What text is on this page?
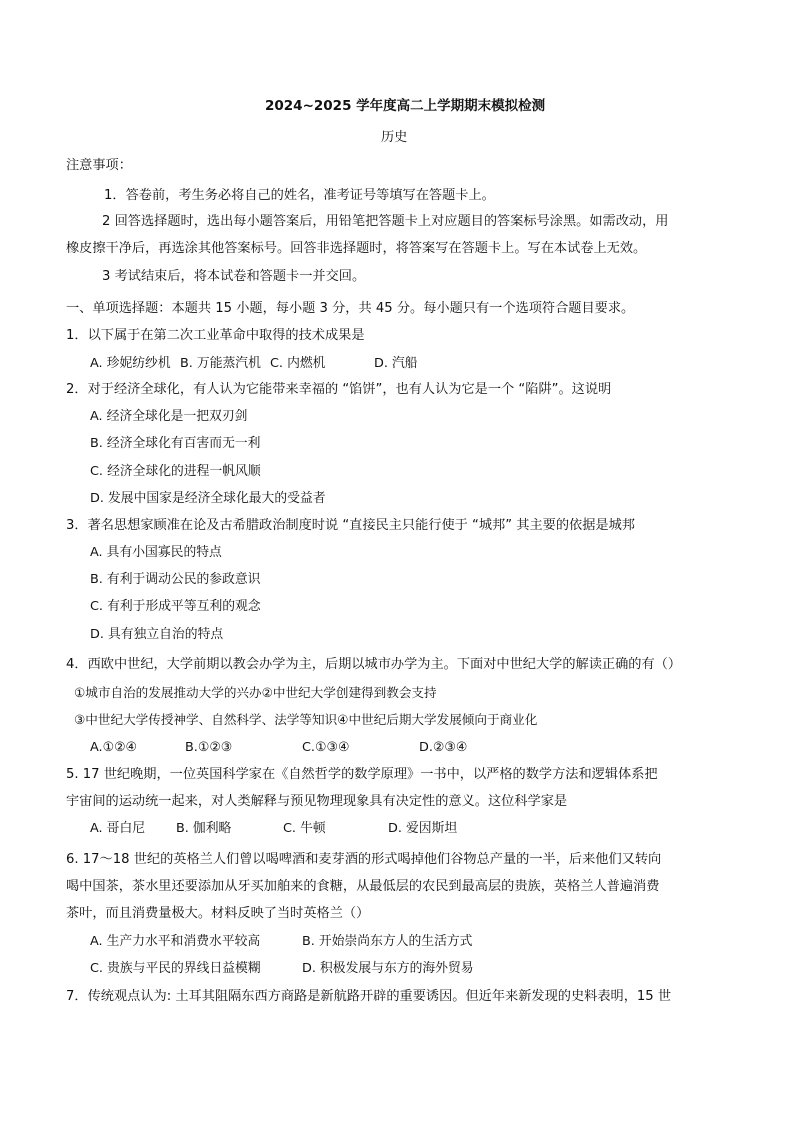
2024~2025 学年度高二上学期期末模拟检测
历史
注意事项：
1．答卷前，考生务必将自己的姓名，准考证号等填写在答题卡上。
2 回答选择题时，选出每小题答案后，用铅笔把答题卡上对应题目的答案标号涂黑。如需改动，用
橡皮擦干净后，再选涂其他答案标号。回答非选择题时，将答案写在答题卡上。写在本试卷上无效。
3 考试结束后，将本试卷和答题卡一并交回。
一、单项选择题：本题共 15 小题，每小题 3 分，共 45 分。每小题只有一个选项符合题目要求。
1．以下属于在第二次工业革命中取得的技术成果是
A. 珍妮纺纱机 B. 万能蒸汽机 C. 内燃机	D. 汽船
2．对于经济全球化，有人认为它能带来幸福的 “馅饼”，也有人认为它是一个 “陷阱”。这说明
A. 经济全球化是一把双刃剑
B. 经济全球化有百害而无一利
C. 经济全球化的进程一帆风顺
D. 发展中国家是经济全球化最大的受益者
3．著名思想家顾准在论及古希腊政治制度时说 “直接民主只能行使于 “城邦” 其主要的依据是城邦
A. 具有小国寡民的特点
B. 有利于调动公民的参政意识
C. 有利于形成平等互利的观念
D. 具有独立自治的特点
4．西欧中世纪，大学前期以教会办学为主，后期以城市办学为主。下面对中世纪大学的解读正确的有（）
①城市自治的发展推动大学的兴办②中世纪大学创建得到教会支持
③中世纪大学传授神学、自然科学、法学等知识④中世纪后期大学发展倾向于商业化
A.①②④	B.①②③	C.①③④	D.②③④
5. 17 世纪晚期，一位英国科学家在《自然哲学的数学原理》一书中，以严格的数学方法和逻辑体系把
宇宙间的运动统一起来，对人类解释与预见物理现象具有决定性的意义。这位科学家是
A. 哥白尼 B. 伽利略	C. 牛顿	D. 爱因斯坦
6. 17～18 世纪的英格兰人们曾以喝啤酒和麦芽酒的形式喝掉他们谷物总产量的一半，后来他们又转向
喝中国茶，茶水里还要添加从牙买加舶来的食糖，从最低层的农民到最高层的贵族，英格兰人普遍消费
茶叶，而且消费量极大。材料反映了当时英格兰（）
A. 生产力水平和消费水平较高	B. 开始崇尚东方人的生活方式
C. 贵族与平民的界线日益模糊	D. 积极发展与东方的海外贸易
7．传统观点认为: 土耳其阻隔东西方商路是新航路开辟的重要诱因。但近年来新发现的史料表明，15 世
